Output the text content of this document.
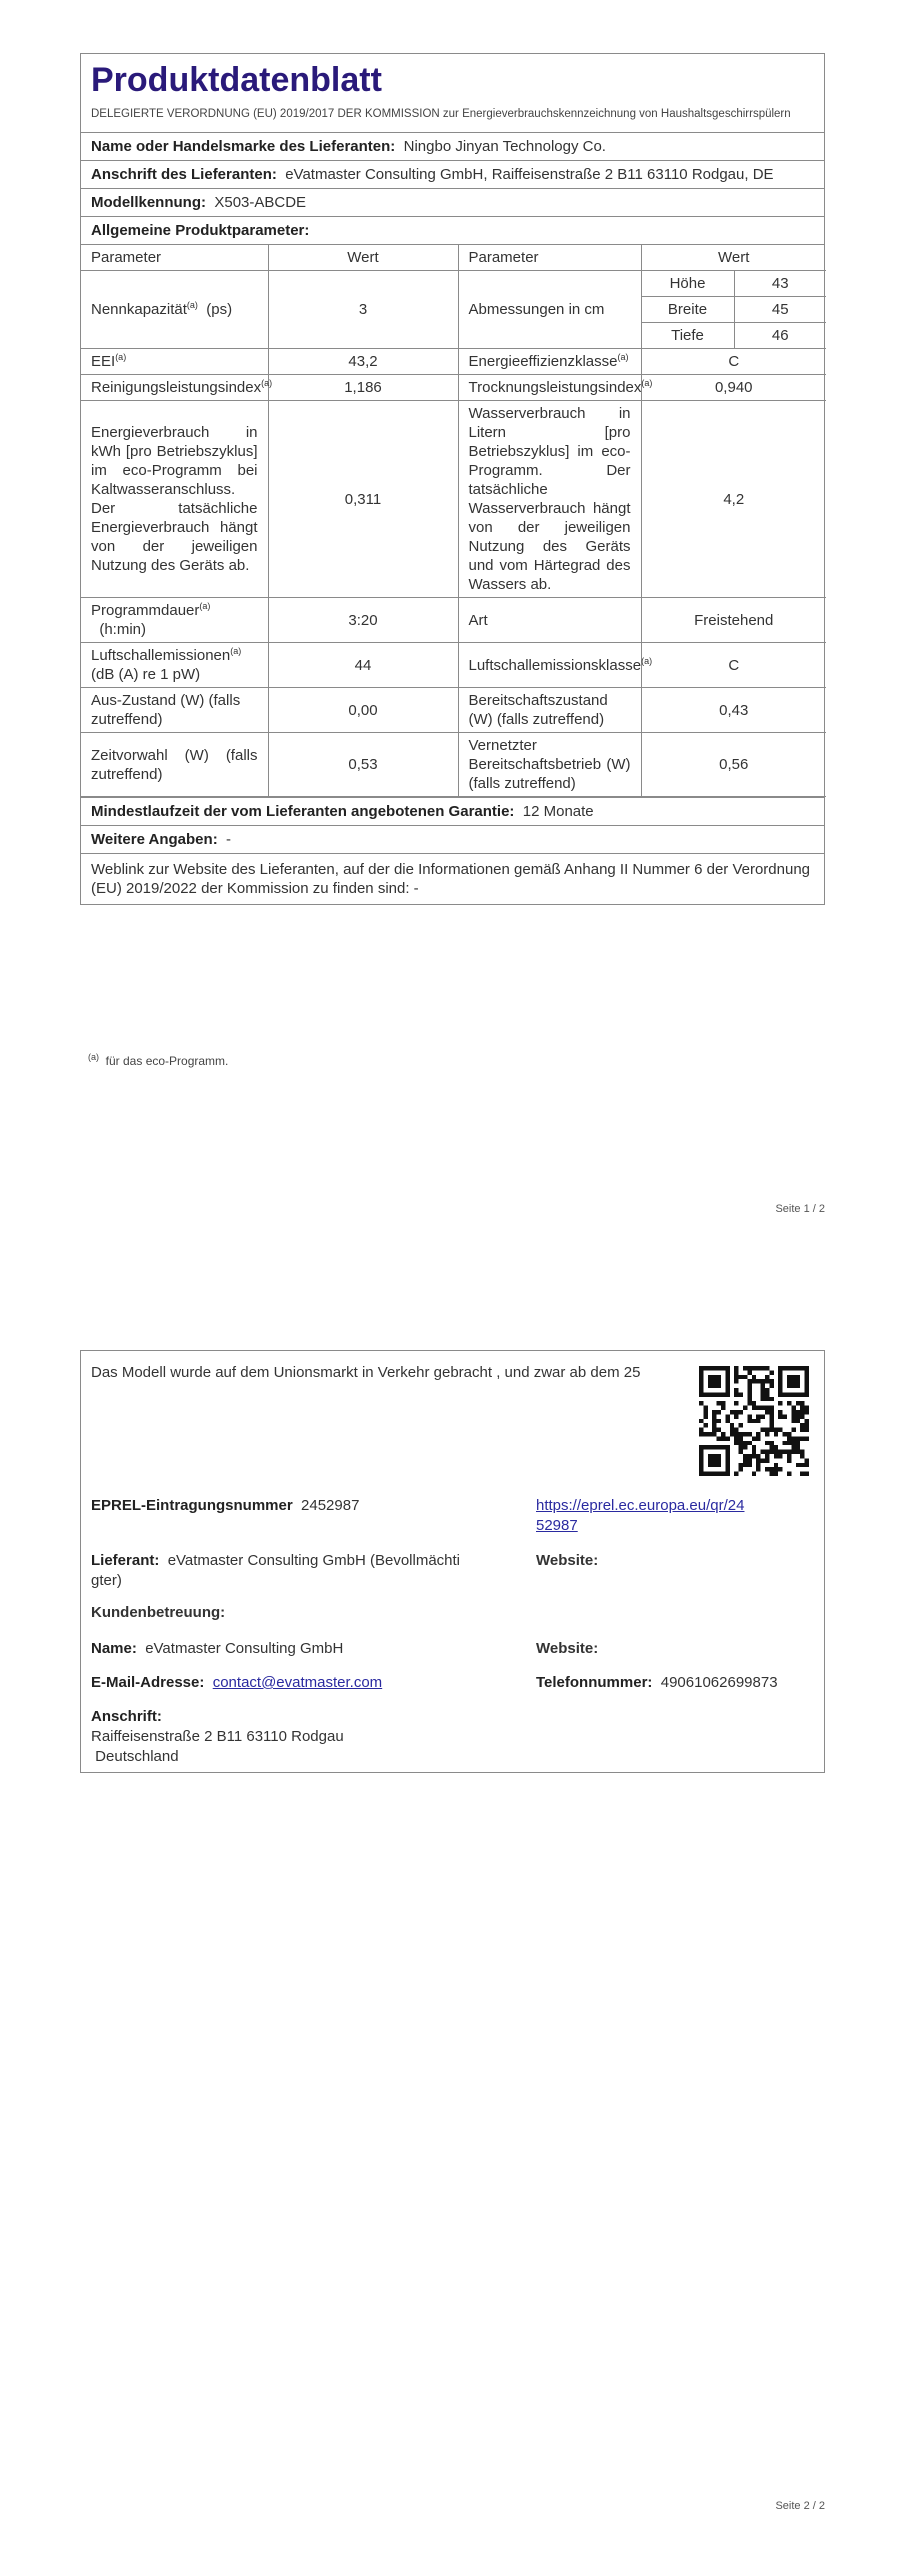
Produktdatenblatt
DELEGIERTE VERORDNUNG (EU) 2019/2017 DER KOMMISSION zur Energieverbrauchskennzeichnung von Haushaltsgeschirrspülern
Name oder Handelsmarke des Lieferanten: Ningbo Jinyan Technology Co.
Anschrift des Lieferanten: eVatmaster Consulting GmbH, Raiffeisenstraße 2 B11 63110 Rodgau, DE
Modellkennung: X503-ABCDE
Allgemeine Produktparameter:
Parameter	Wert	Parameter	Wert	
Nennkapazität$^{(a)}$ (ps)	3	Abmessungen in cm	Höhe	43
			Breite	45
			Tiefe	46
EEI$^{(a)}$	43,2	Energieeffizienzklasse$^{(a)}$	C	
Reinigungsleistungsindex$^{(a)}$	1,186	Trocknungsleistungsindex$^{(a)}$	0,940	
Energieverbrauch in kWh [pro Betriebszyklus] im eco-Programm bei Kaltwasseranschluss. Der tatsächliche Energieverbrauch hängt von der jeweiligen Nutzung des Geräts ab.	0,311	Wasserverbrauch in Litern [pro Betriebszyklus] im eco-Programm. Der tatsächliche Wasserverbrauch hängt von der jeweiligen Nutzung des Geräts und vom Härtegrad des Wassers ab.	4,2	
Programmdauer$^{(a)}$
(h:min)	3:20	Art	Freistehend	
Luftschallemissionen$^{(a)}$  (dB (A) re 1 pW)	44	Luftschallemissionsklasse$^{(a)}$	C	
Aus-Zustand (W) (falls zutreffend)	0,00	Bereitschaftszustand (W) (falls zutreffend)	0,43	
Zeitvorwahl (W) (falls zutreffend)	0,53	Vernetzter Bereitschaftsbetrieb (W) (falls zutreffend)	0,56	
Mindestlaufzeit der vom Lieferanten angebotenen Garantie: 12 Monate
Weitere Angaben: -
Weblink zur Website des Lieferanten, auf der die Informationen gemäß Anhang II Nummer 6 der Verordnung (EU) 2019/2022 der Kommission zu finden sind: -
$^{(a)}$ für das eco-Programm.
Seite 1 / 2
Das Modell wurde auf dem Unionsmarkt in Verkehr gebracht , und zwar ab dem 25
EPREL-Eintragungsnummer 2452987	https://eprel.ec.europa.eu/qr/24
52987
Lieferant: eVatmaster Consulting GmbH (Bevollmächti
gter)
Website:
Kundenbetreuung:
Name: eVatmaster Consulting GmbH	Website:
E-Mail-Adresse: contact@evatmaster.com	Telefonnummer: 49061062699873
Anschrift:
Raiffeisenstraße 2 B11 63110 Rodgau
Deutschland
Seite 2 / 2
